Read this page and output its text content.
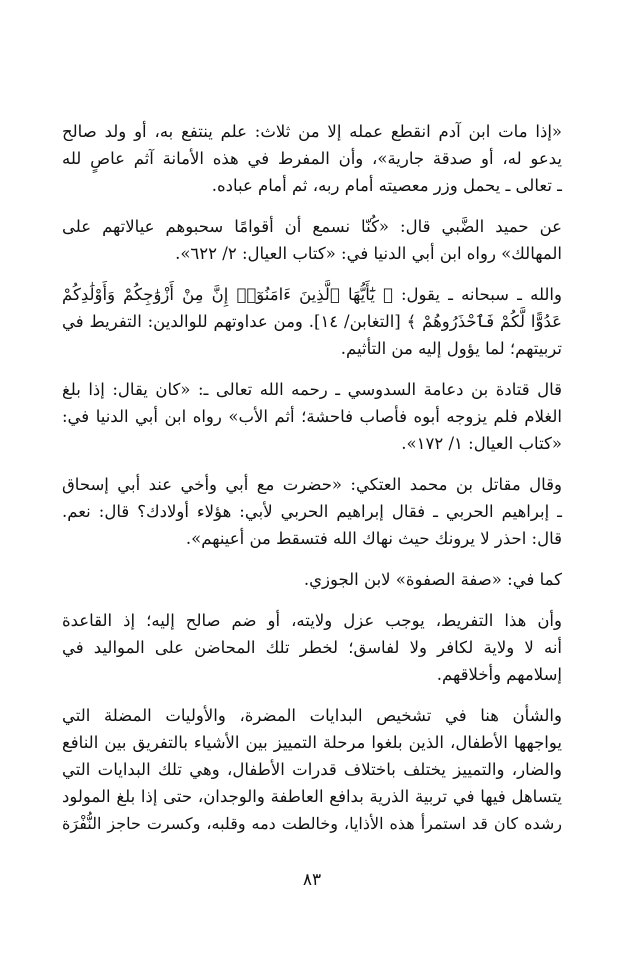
«إذا مات ابن آدم انقطع عمله إلا من ثلاث: علم ينتفع به، أو ولد صالح
يدعو له، أو صدقة جارية»، وأن المفرط في هذه الأمانة آثم عاصٍ لله
ـ تعالى ـ يحمل وزر معصيته أمام ربه، ثم أمام عباده.
عن حميد الضَّبي قال: «كُنّا نسمع أن أقوامًا سحبوهم عيالاتهم على
المهالك» رواه ابن أبي الدنيا في: «كتاب العيال: ٢/ ٦٢٢».
والله ـ سبحانه ـ يقول: ﴿ يَٰٓأَيُّهَا ٱلَّذِينَ ءَامَنُوٓا۟ إِنَّ مِنْ أَزْوَٰجِكُمْ وَأَوْلَٰدِكُمْ
عَدُوًّا لَّكُمْ فَٱحْذَرُوهُمْ ﴾ [التغابن/ ١٤]. ومن عداوتهم للوالدين: التفريط في
تربيتهم؛ لما يؤول إليه من التأثيم.
قال قتادة بن دعامة السدوسي ـ رحمه الله تعالى ـ: «كان يقال: إذا بلغ
الغلام فلم يزوجه أبوه فأصاب فاحشة؛ أثم الأب» رواه ابن أبي الدنيا في:
«كتاب العيال: ١/ ١٧٢».
وقال مقاتل بن محمد العتكي: «حضرت مع أبي وأخي عند أبي إسحاق
ـ إبراهيم الحربي ـ فقال إبراهيم الحربي لأبي: هؤلاء أولادك؟ قال: نعم.
قال: احذر لا يرونك حيث نهاك الله فتسقط من أعينهم».
كما في: «صفة الصفوة» لابن الجوزي.
وأن هذا التفريط، يوجب عزل ولايته، أو ضم صالح إليه؛ إذ القاعدة
أنه لا ولاية لكافر ولا لفاسق؛ لخطر تلك المحاضن على المواليد في
إسلامهم وأخلاقهم.
والشأن هنا في تشخيص البدايات المضرة، والأوليات المضلة التي
يواجهها الأطفال، الذين بلغوا مرحلة التمييز بين الأشياء بالتفريق بين النافع
والضار، والتمييز يختلف باختلاف قدرات الأطفال، وهي تلك البدايات التي
يتساهل فيها في تربية الذرية بدافع العاطفة والوجدان، حتى إذا بلغ المولود
رشده كان قد استمرأ هذه الأذايا، وخالطت دمه وقلبه، وكسرت حاجز النُّفْرَة
٨٣
